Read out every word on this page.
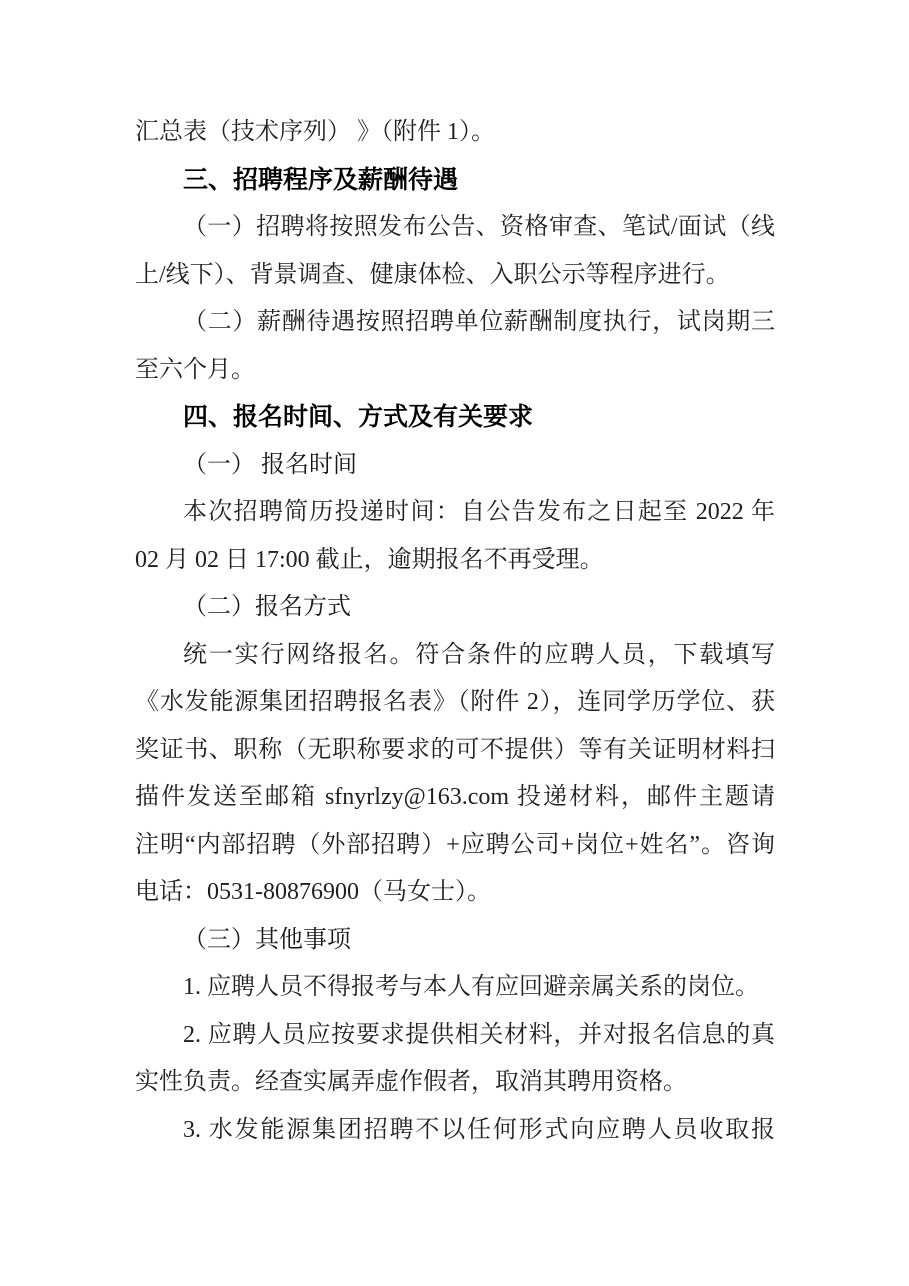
汇总表（技术序列） 》（附件 1）。
三、招聘程序及薪酬待遇
（一）招聘将按照发布公告、资格审查、笔试/面试（线
上/线下）、背景调查、健康体检、入职公示等程序进行。
（二）薪酬待遇按照招聘单位薪酬制度执行，试岗期三
至六个月。
四、报名时间、方式及有关要求
（一） 报名时间
本次招聘简历投递时间：自公告发布之日起至 2022 年
02 月 02 日 17:00 截止，逾期报名不再受理。
（二）报名方式
统一实行网络报名。符合条件的应聘人员，下载填写
《水发能源集团招聘报名表》（附件 2），连同学历学位、获
奖证书、职称（无职称要求的可不提供）等有关证明材料扫
描件发送至邮箱 sfnyrlzy@163.com 投递材料，邮件主题请
注明“内部招聘（外部招聘）+应聘公司+岗位+姓名”。咨询
电话：0531-80876900（马女士）。
（三）其他事项
1. 应聘人员不得报考与本人有应回避亲属关系的岗位。
2. 应聘人员应按要求提供相关材料，并对报名信息的真
实性负责。经查实属弄虚作假者，取消其聘用资格。
3. 水发能源集团招聘不以任何形式向应聘人员收取报
